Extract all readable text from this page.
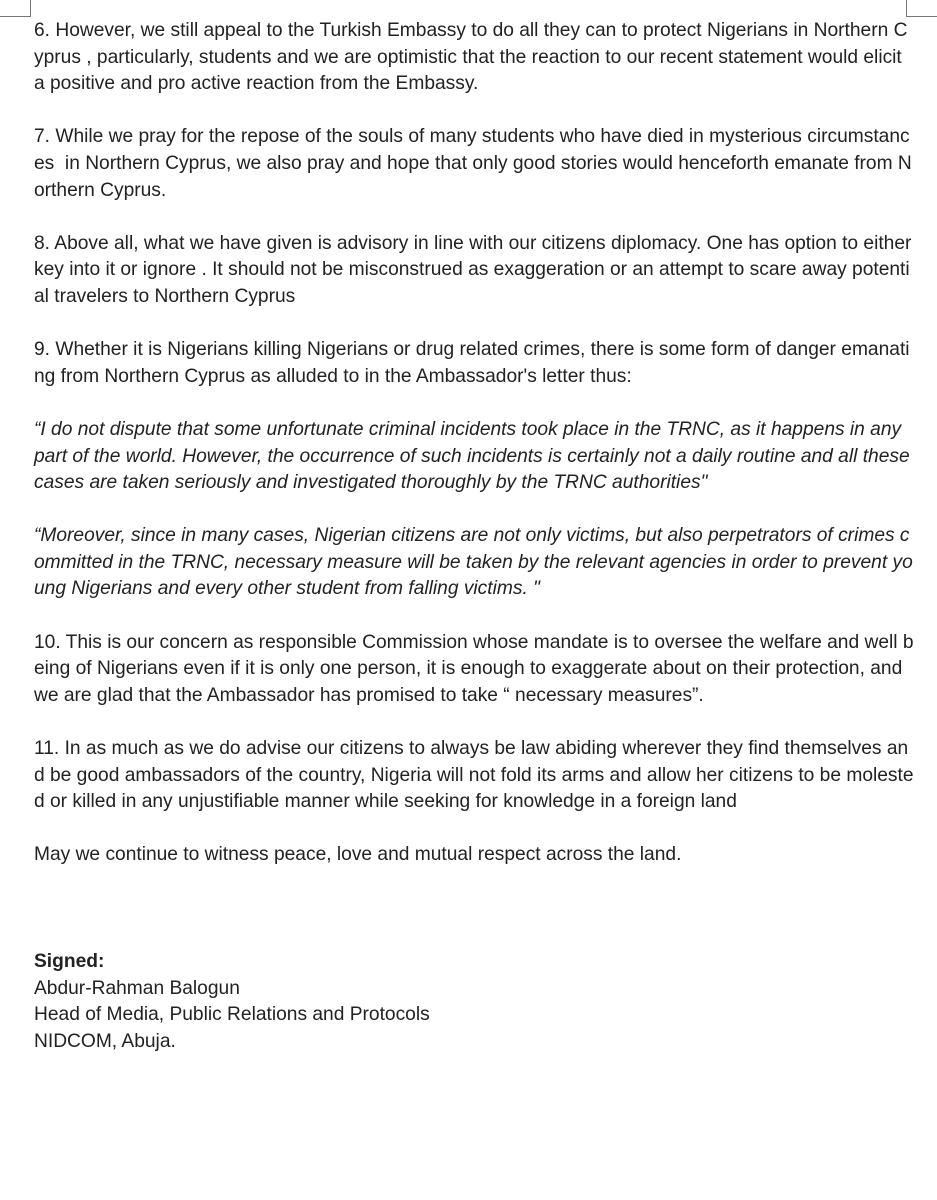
6. However, we still appeal to the Turkish Embassy to do all they can to protect Nigerians in Northern Cyprus , particularly, students and we are optimistic that the reaction to our recent statement would elicit a positive and pro active reaction from the Embassy.

7. While we pray for the repose of the souls of many students who have died in mysterious circumstances  in Northern Cyprus, we also pray and hope that only good stories would henceforth emanate from Northern Cyprus.

8. Above all, what we have given is advisory in line with our citizens diplomacy. One has option to either key into it or ignore . It should not be misconstrued as exaggeration or an attempt to scare away potential travelers to Northern Cyprus

9. Whether it is Nigerians killing Nigerians or drug related crimes, there is some form of danger emanating from Northern Cyprus as alluded to in the Ambassador's letter thus:

“I do not dispute that some unfortunate criminal incidents took place in the TRNC, as it happens in any part of the world. However, the occurrence of such incidents is certainly not a daily routine and all these cases are taken seriously and investigated thoroughly by the TRNC authorities"

“Moreover, since in many cases, Nigerian citizens are not only victims, but also perpetrators of crimes committed in the TRNC, necessary measure will be taken by the relevant agencies in order to prevent young Nigerians and every other student from falling victims. "

10. This is our concern as responsible Commission whose mandate is to oversee the welfare and well being of Nigerians even if it is only one person, it is enough to exaggerate about on their protection, and we are glad that the Ambassador has promised to take “ necessary measures”.

11. In as much as we do advise our citizens to always be law abiding wherever they find themselves and be good ambassadors of the country, Nigeria will not fold its arms and allow her citizens to be molested or killed in any unjustifiable manner while seeking for knowledge in a foreign land

May we continue to witness peace, love and mutual respect across the land.

Signed:

Abdur-Rahman Balogun

Head of Media, Public Relations and Protocols

NIDCOM, Abuja.
